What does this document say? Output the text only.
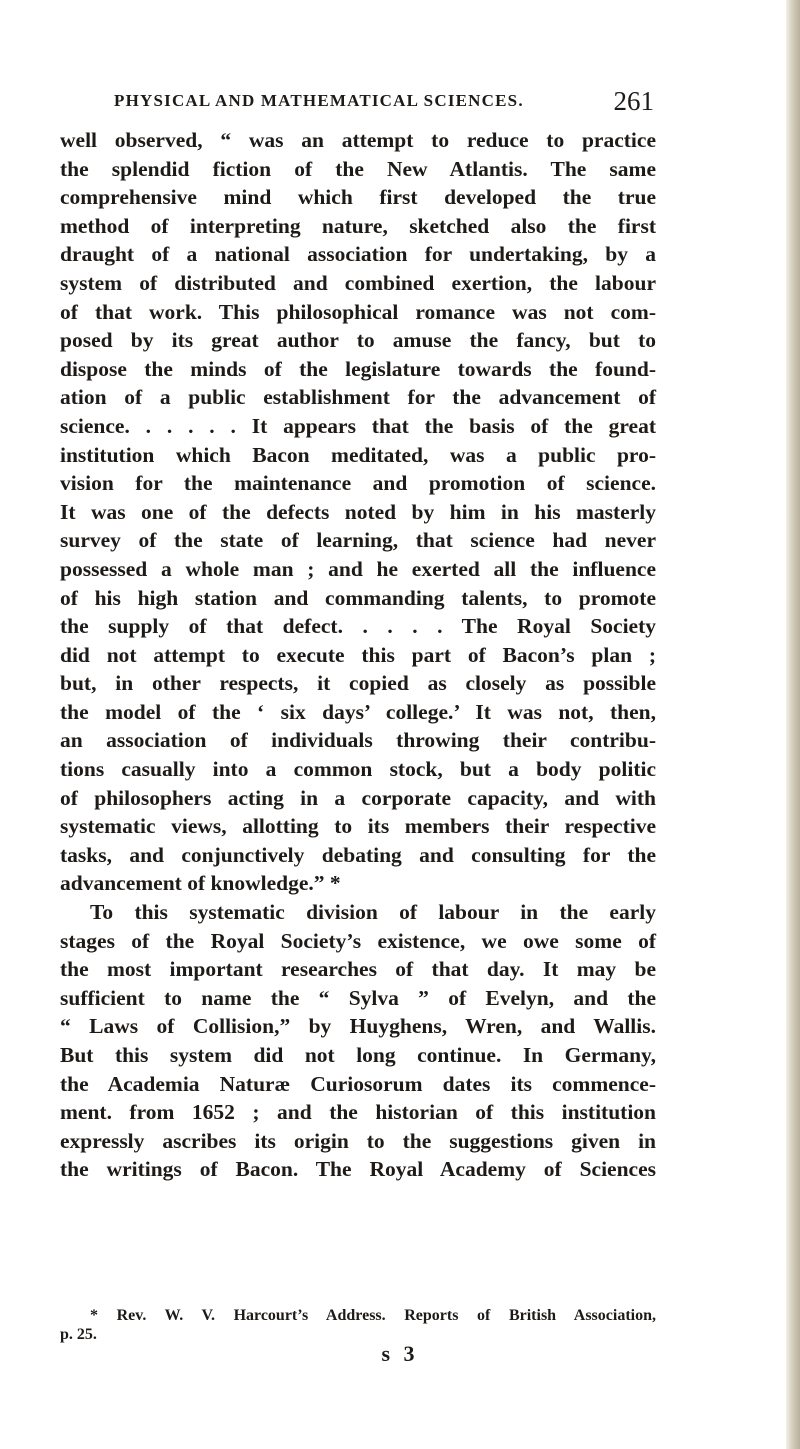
PHYSICAL AND MATHEMATICAL SCIENCES.	261
well observed, “ was an attempt to reduce to practice
the splendid fiction of the New Atlantis. The same
comprehensive mind which first developed the true
method of interpreting nature, sketched also the first
draught of a national association for undertaking, by a
system of distributed and combined exertion, the labour
of that work. This philosophical romance was not com-
posed by its great author to amuse the fancy, but to
dispose the minds of the legislature towards the found-
ation of a public establishment for the advancement of
science. . . . . . It appears that the basis of the great
institution which Bacon meditated, was a public pro-
vision for the maintenance and promotion of science.
It was one of the defects noted by him in his masterly
survey of the state of learning, that science had never
possessed a whole man ; and he exerted all the influence
of his high station and commanding talents, to promote
the supply of that defect. . . . . The Royal Society
did not attempt to execute this part of Bacon’s plan ;
but, in other respects, it copied as closely as possible
the model of the ‘ six days’ college.’ It was not, then,
an association of individuals throwing their contribu-
tions casually into a common stock, but a body politic
of philosophers acting in a corporate capacity, and with
systematic views, allotting to its members their respective
tasks, and conjunctively debating and consulting for the
advancement of knowledge.” *
To this systematic division of labour in the early
stages of the Royal Society’s existence, we owe some of
the most important researches of that day. It may be
sufficient to name the “ Sylva ” of Evelyn, and the
“ Laws of Collision,” by Huyghens, Wren, and Wallis.
But this system did not long continue. In Germany,
the Academia Naturæ Curiosorum dates its commence-
ment. from 1652 ; and the historian of this institution
expressly ascribes its origin to the suggestions given in
the writings of Bacon. The Royal Academy of Sciences
* Rev. W. V. Harcourt’s Address. Reports of British Association,
p. 25.
s 3
